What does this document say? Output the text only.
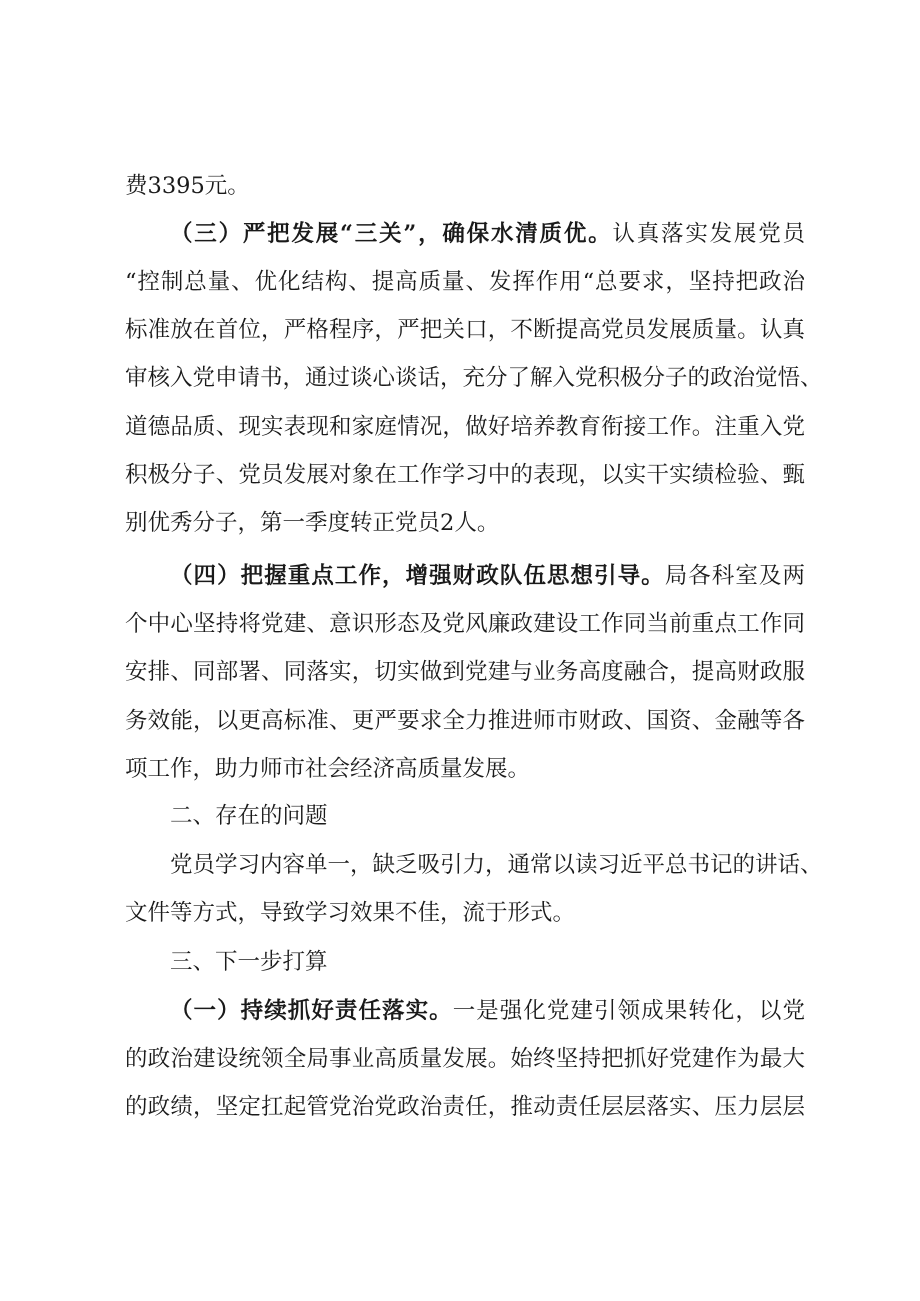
费3395元。
（三）严把发展“三关”，确保水清质优。认真落实发展党员
“控制总量、优化结构、提高质量、发挥作用“总要求，坚持把政治
标准放在首位，严格程序，严把关口，不断提高党员发展质量。认真
审核入党申请书，通过谈心谈话，充分了解入党积极分子的政治觉悟、
道德品质、现实表现和家庭情况，做好培养教育衔接工作。注重入党
积极分子、党员发展对象在工作学习中的表现，以实干实绩检验、甄
别优秀分子，第一季度转正党员2人。
（四）把握重点工作，增强财政队伍思想引导。局各科室及两
个中心坚持将党建、意识形态及党风廉政建设工作同当前重点工作同
安排、同部署、同落实，切实做到党建与业务高度融合，提高财政服
务效能，以更高标准、更严要求全力推进师市财政、国资、金融等各
项工作，助力师市社会经济高质量发展。
二、存在的问题
党员学习内容单一，缺乏吸引力，通常以读习近平总书记的讲话、
文件等方式，导致学习效果不佳，流于形式。
三、下一步打算
（一）持续抓好责任落实。一是强化党建引领成果转化，以党
的政治建设统领全局事业高质量发展。始终坚持把抓好党建作为最大
的政绩，坚定扛起管党治党政治责任，推动责任层层落实、压力层层
